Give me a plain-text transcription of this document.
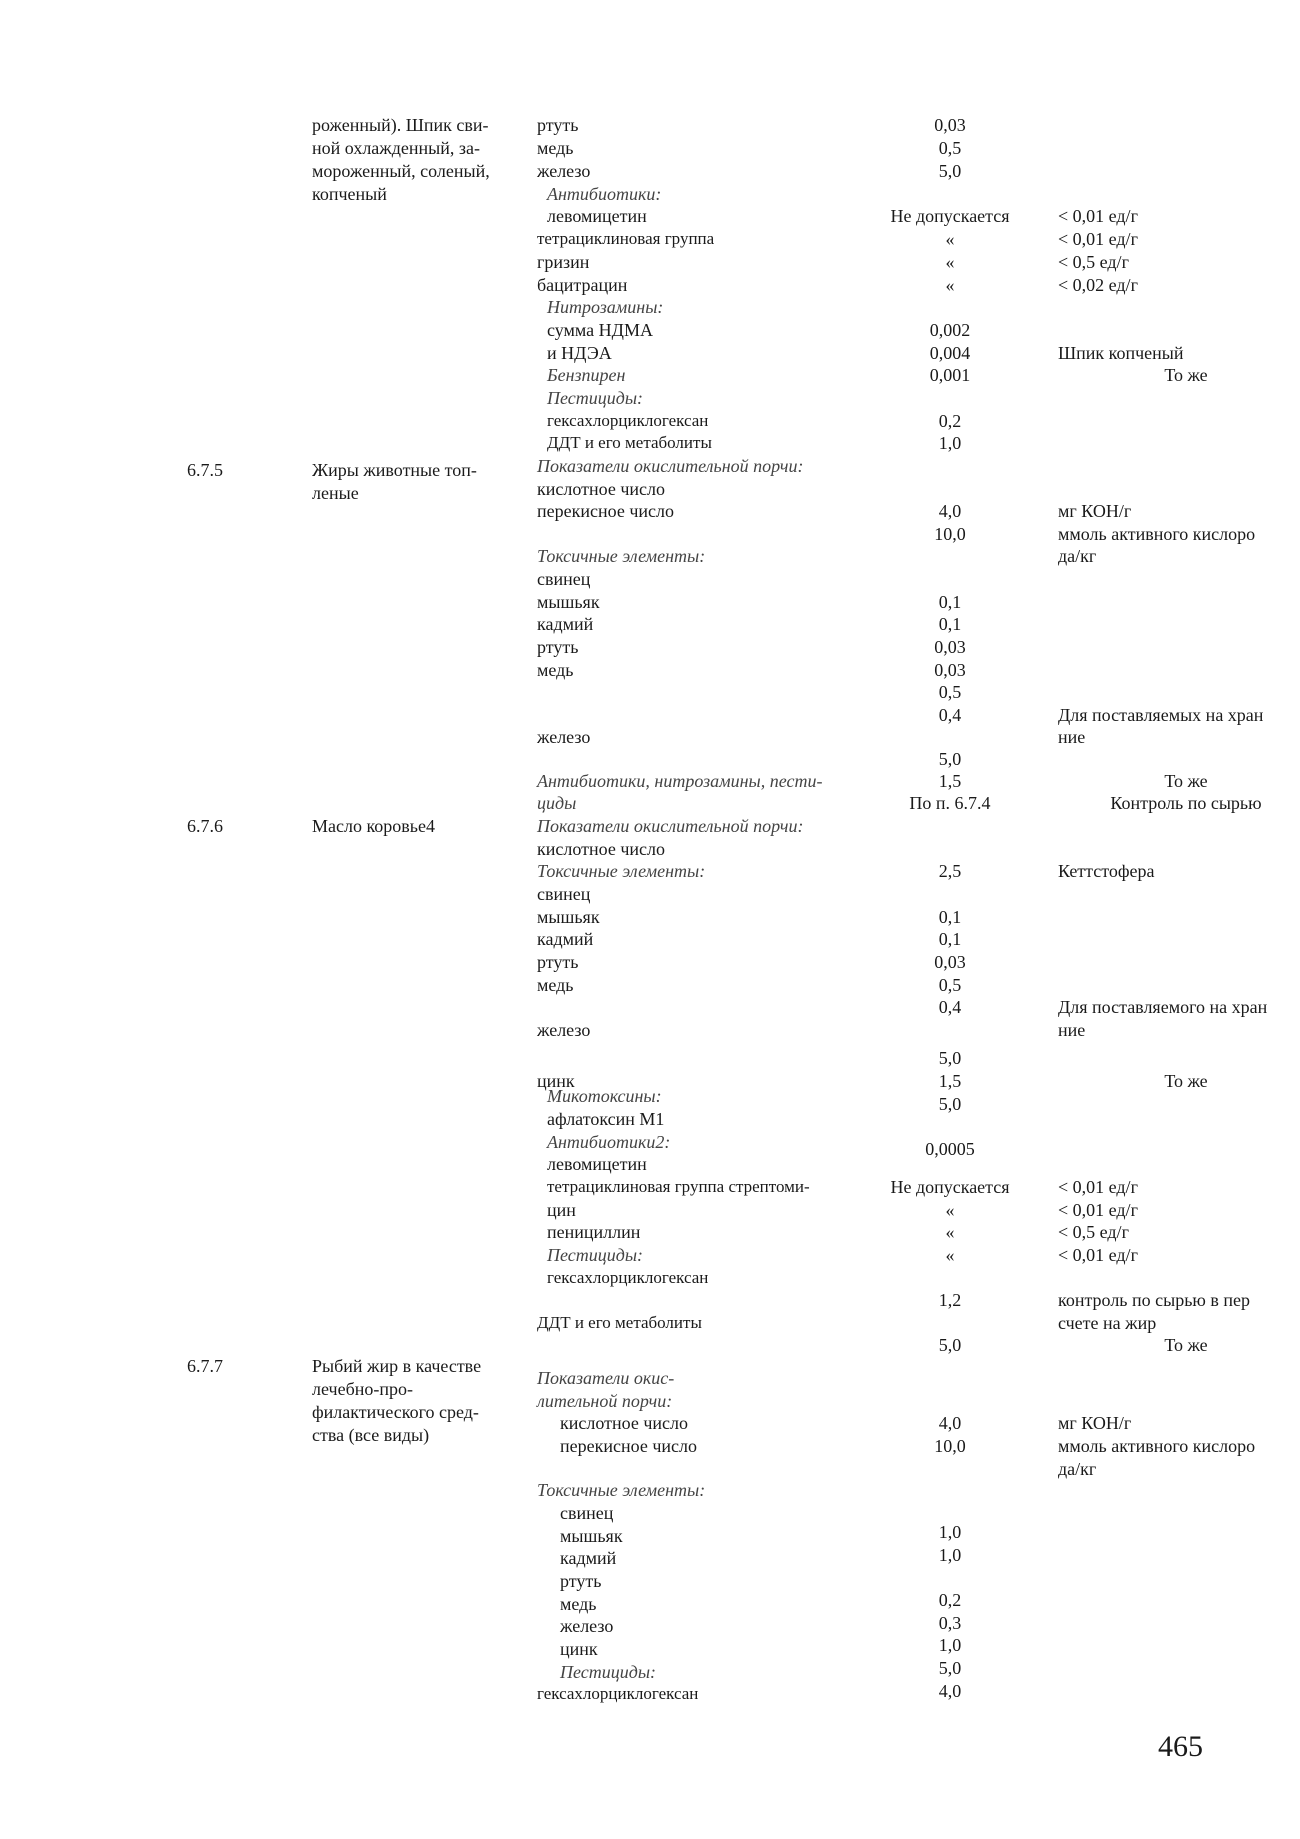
6.7.5
6.7.6
6.7.7
роженный). Шпик сви-
ной охлажденный, за-
мороженный, соленый,
копченый
Жиры животные топ-
леные
Масло коровье4
Рыбий жир в качестве
лечебно-про-
филактического сред-
ства (все виды)
ртуть
медь
железо
Антибиотики:
левомицетин
тетрациклиновая группа
гризин
бацитрацин
Нитрозамины:
сумма НДМА
и НДЭА
Бензпирен
Пестициды:
гексахлорциклогексан
ДДТ и его метаболиты
Показатели окислительной порчи:
кислотное число
перекисное число
Токсичные элементы:
свинец
мышьяк
кадмий
ртуть
медь
железо
Антибиотики, нитрозамины, пести-
циды
Показатели окислительной порчи:
кислотное число
Токсичные элементы:
свинец
мышьяк
кадмий
ртуть
медь
железо
цинк
Микотоксины:
афлатоксин М1
Антибиотики2:
левомицетин
тетрациклиновая группа стрептоми-
цин
пенициллин
Пестициды:
гексахлорциклогексан
ДДТ и его метаболиты
Показатели окис-
лительной порчи:
кислотное число
перекисное число
Токсичные элементы:
свинец
мышьяк
кадмий
ртуть
медь
железо
цинк
Пестициды:
гексахлорциклогексан
0,03
0,5
5,0
Не допускается
«
«
«
0,002
0,004
0,001
0,2
1,0
4,0
10,0
0,1
0,1
0,03
0,03
0,5
0,4
5,0
1,5
По п. 6.7.4
2,5
0,1
0,1
0,03
0,5
0,4
5,0
1,5
5,0
0,0005
Не допускается
«
«
«
1,2
5,0
4,0
10,0
1,0
1,0
0,2
0,3
1,0
5,0
4,0
< 0,01 ед/г
< 0,01 ед/г
< 0,5 ед/г
< 0,02 ед/г
Шпик копченый
То же
мг КОН/г
ммоль активного кислоро
да/кг
Для поставляемых на хран
ние
То же
Контроль по сырью
Кеттстофера
Для поставляемого на хран
ние
То же
< 0,01 ед/г
< 0,01 ед/г
< 0,5 ед/г
< 0,01 ед/г
контроль по сырью в пер
счете на жир
То же
мг КОН/г
ммоль активного кислоро
да/кг
465
